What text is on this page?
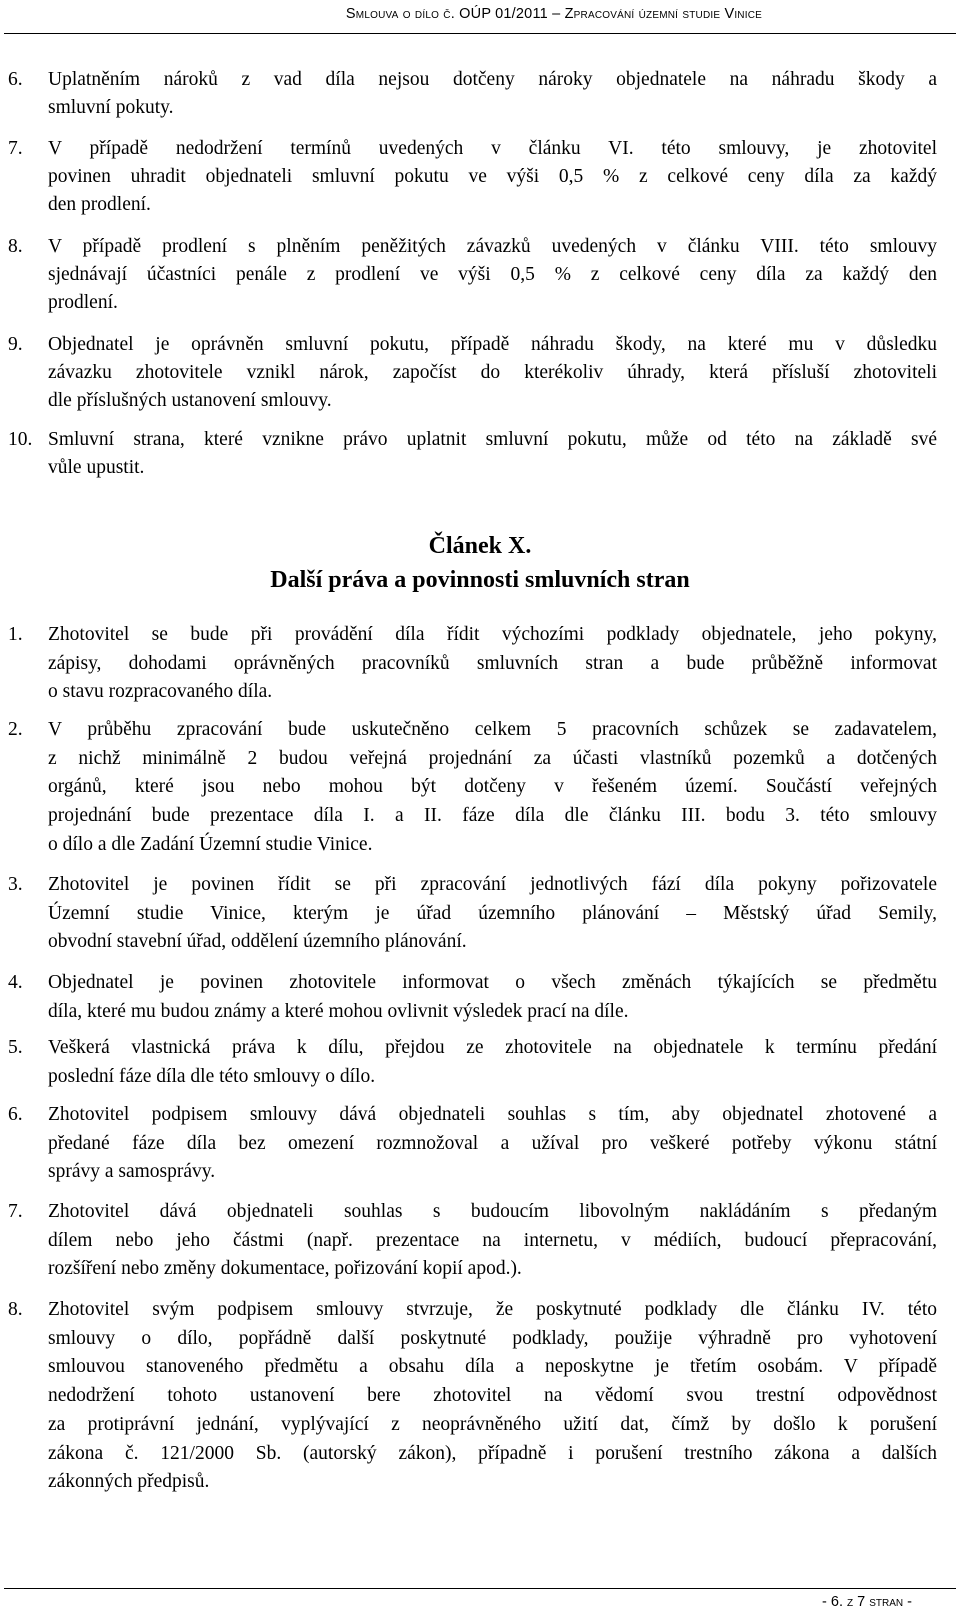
Smlouva o dílo č. OÚP 01/2011 – Zpracování územní studie Vinice
6. Uplatněním nároků z vad díla nejsou dotčeny nároky objednatele na náhradu škody a
smluvní pokuty.
7. V případě nedodržení termínů uvedených v článku VI. této smlouvy, je zhotovitel
povinen uhradit objednateli smluvní pokutu ve výši 0,5 % z celkové ceny díla za každý
den prodlení.
8. V případě prodlení s plněním peněžitých závazků uvedených v článku VIII. této smlouvy
sjednávají účastníci penále z prodlení ve výši 0,5 % z celkové ceny díla za každý den
prodlení.
9. Objednatel je oprávněn smluvní pokutu, případě náhradu škody, na které mu v důsledku
závazku zhotovitele vznikl nárok, započíst do kterékoliv úhrady, která přísluší zhotoviteli
dle příslušných ustanovení smlouvy.
10. Smluvní strana, které vznikne právo uplatnit smluvní pokutu, může od této na základě své
vůle upustit.
Článek X.
Další práva a povinnosti smluvních stran
1. Zhotovitel se bude při provádění díla řídit výchozími podklady objednatele, jeho pokyny,
zápisy, dohodami oprávněných pracovníků smluvních stran a bude průběžně informovat
o stavu rozpracovaného díla.
2. V průběhu zpracování bude uskutečněno celkem 5 pracovních schůzek se zadavatelem,
z nichž minimálně 2 budou veřejná projednání za účasti vlastníků pozemků a dotčených
orgánů, které jsou nebo mohou být dotčeny v řešeném území. Součástí veřejných
projednání bude prezentace díla I. a II. fáze díla dle článku III. bodu 3. této smlouvy
o dílo a dle Zadání Územní studie Vinice.
3. Zhotovitel je povinen řídit se při zpracování jednotlivých fází díla pokyny pořizovatele
Územní studie Vinice, kterým je úřad územního plánování – Městský úřad Semily,
obvodní stavební úřad, oddělení územního plánování.
4. Objednatel je povinen zhotovitele informovat o všech změnách týkajících se předmětu
díla, které mu budou známy a které mohou ovlivnit výsledek prací na díle.
5. Veškerá vlastnická práva k dílu, přejdou ze zhotovitele na objednatele k termínu předání
poslední fáze díla dle této smlouvy o dílo.
6. Zhotovitel podpisem smlouvy dává objednateli souhlas s tím, aby objednatel zhotovené a
předané fáze díla bez omezení rozmnožoval a užíval pro veškeré potřeby výkonu státní
správy a samosprávy.
7. Zhotovitel dává objednateli souhlas s budoucím libovolným nakládáním s předaným
dílem nebo jeho částmi (např. prezentace na internetu, v médiích, budoucí přepracování,
rozšíření nebo změny dokumentace, pořizování kopií apod.).
8. Zhotovitel svým podpisem smlouvy stvrzuje, že poskytnuté podklady dle článku IV. této
smlouvy o dílo, popřádně další poskytnuté podklady, použije výhradně pro vyhotovení
smlouvou stanoveného předmětu a obsahu díla a neposkytne je třetím osobám. V případě
nedodržení tohoto ustanovení bere zhotovitel na vědomí svou trestní odpovědnost
za protiprávní jednání, vyplývající z neoprávněného užití dat, čímž by došlo k porušení
zákona č. 121/2000 Sb. (autorský zákon), případně i porušení trestního zákona a dalších
zákonných předpisů.
- 6. z 7 stran -
